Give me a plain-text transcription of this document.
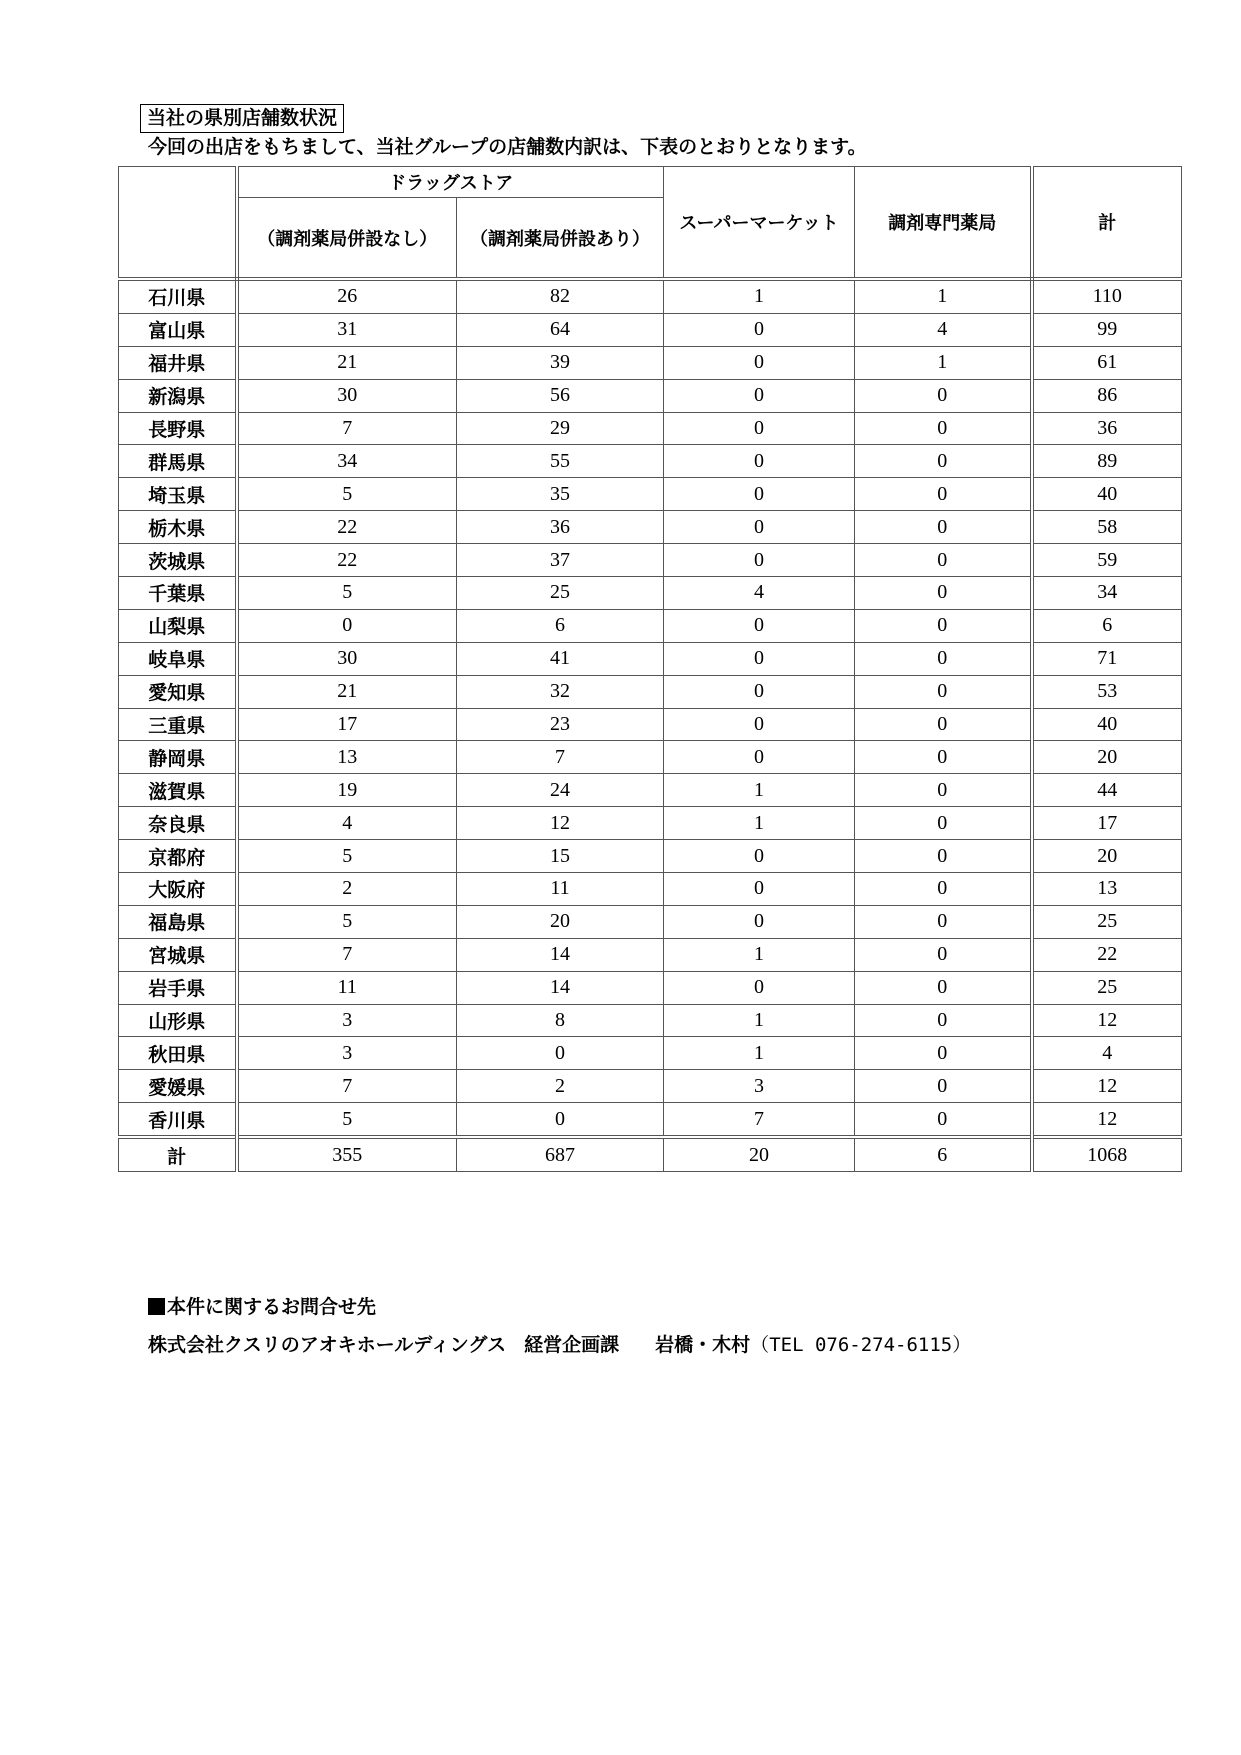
当社の県別店舗数状況
今回の出店をもちまして、当社グループの店舗数内訳は、下表のとおりとなります。
	ドラッグストア		スーパーマーケット	調剤専門薬局	計
	（調剤薬局併設なし）	（調剤薬局併設あり）			
石川県	26	82	1	1	110
富山県	31	64	0	4	99
福井県	21	39	0	1	61
新潟県	30	56	0	0	86
長野県	7	29	0	0	36
群馬県	34	55	0	0	89
埼玉県	5	35	0	0	40
栃木県	22	36	0	0	58
茨城県	22	37	0	0	59
千葉県	5	25	4	0	34
山梨県	0	6	0	0	6
岐阜県	30	41	0	0	71
愛知県	21	32	0	0	53
三重県	17	23	0	0	40
静岡県	13	7	0	0	20
滋賀県	19	24	1	0	44
奈良県	4	12	1	0	17
京都府	5	15	0	0	20
大阪府	2	11	0	0	13
福島県	5	20	0	0	25
宮城県	7	14	1	0	22
岩手県	11	14	0	0	25
山形県	3	8	1	0	12
秋田県	3	0	1	0	4
愛媛県	7	2	3	0	12
香川県	5	0	7	0	12
計	355	687	20	6	1068
本件に関するお問合せ先
株式会社クスリのアオキホールディングス 経営企画課 岩橋・木村（TEL 076-274-6115）
